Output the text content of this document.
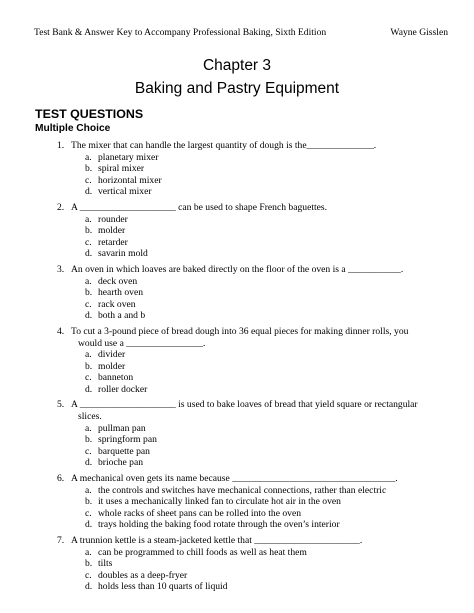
Test Bank & Answer Key to Accompany Professional Baking, Sixth Edition	Wayne Gisslen
Chapter 3
Baking and Pastry Equipment
TEST QUESTIONS
Multiple Choice
1. The mixer that can handle the largest quantity of dough is the______________.
a. planetary mixer
b. spiral mixer
c. horizontal mixer
d. vertical mixer
2. A ____________________ can be used to shape French baguettes.
a. rounder
b. molder
c. retarder
d. savarin mold
3. An oven in which loaves are baked directly on the floor of the oven is a ___________.
a. deck oven
b. hearth oven
c. rack oven
d. both a and b
4. To cut a 3-pound piece of bread dough into 36 equal pieces for making dinner rolls, you
would use a ________________.
a. divider
b. molder
c. banneton
d. roller docker
5. A ____________________ is used to bake loaves of bread that yield square or rectangular
slices.
a. pullman pan
b. springform pan
c. barquette pan
d. brioche pan
6. A mechanical oven gets its name because __________________________________.
a. the controls and switches have mechanical connections, rather than electric
b. it uses a mechanically linked fan to circulate hot air in the oven
c. whole racks of sheet pans can be rolled into the oven
d. trays holding the baking food rotate through the oven’s interior
7. A trunnion kettle is a steam-jacketed kettle that ______________________.
a. can be programmed to chill foods as well as heat them
b. tilts
c. doubles as a deep-fryer
d. holds less than 10 quarts of liquid
